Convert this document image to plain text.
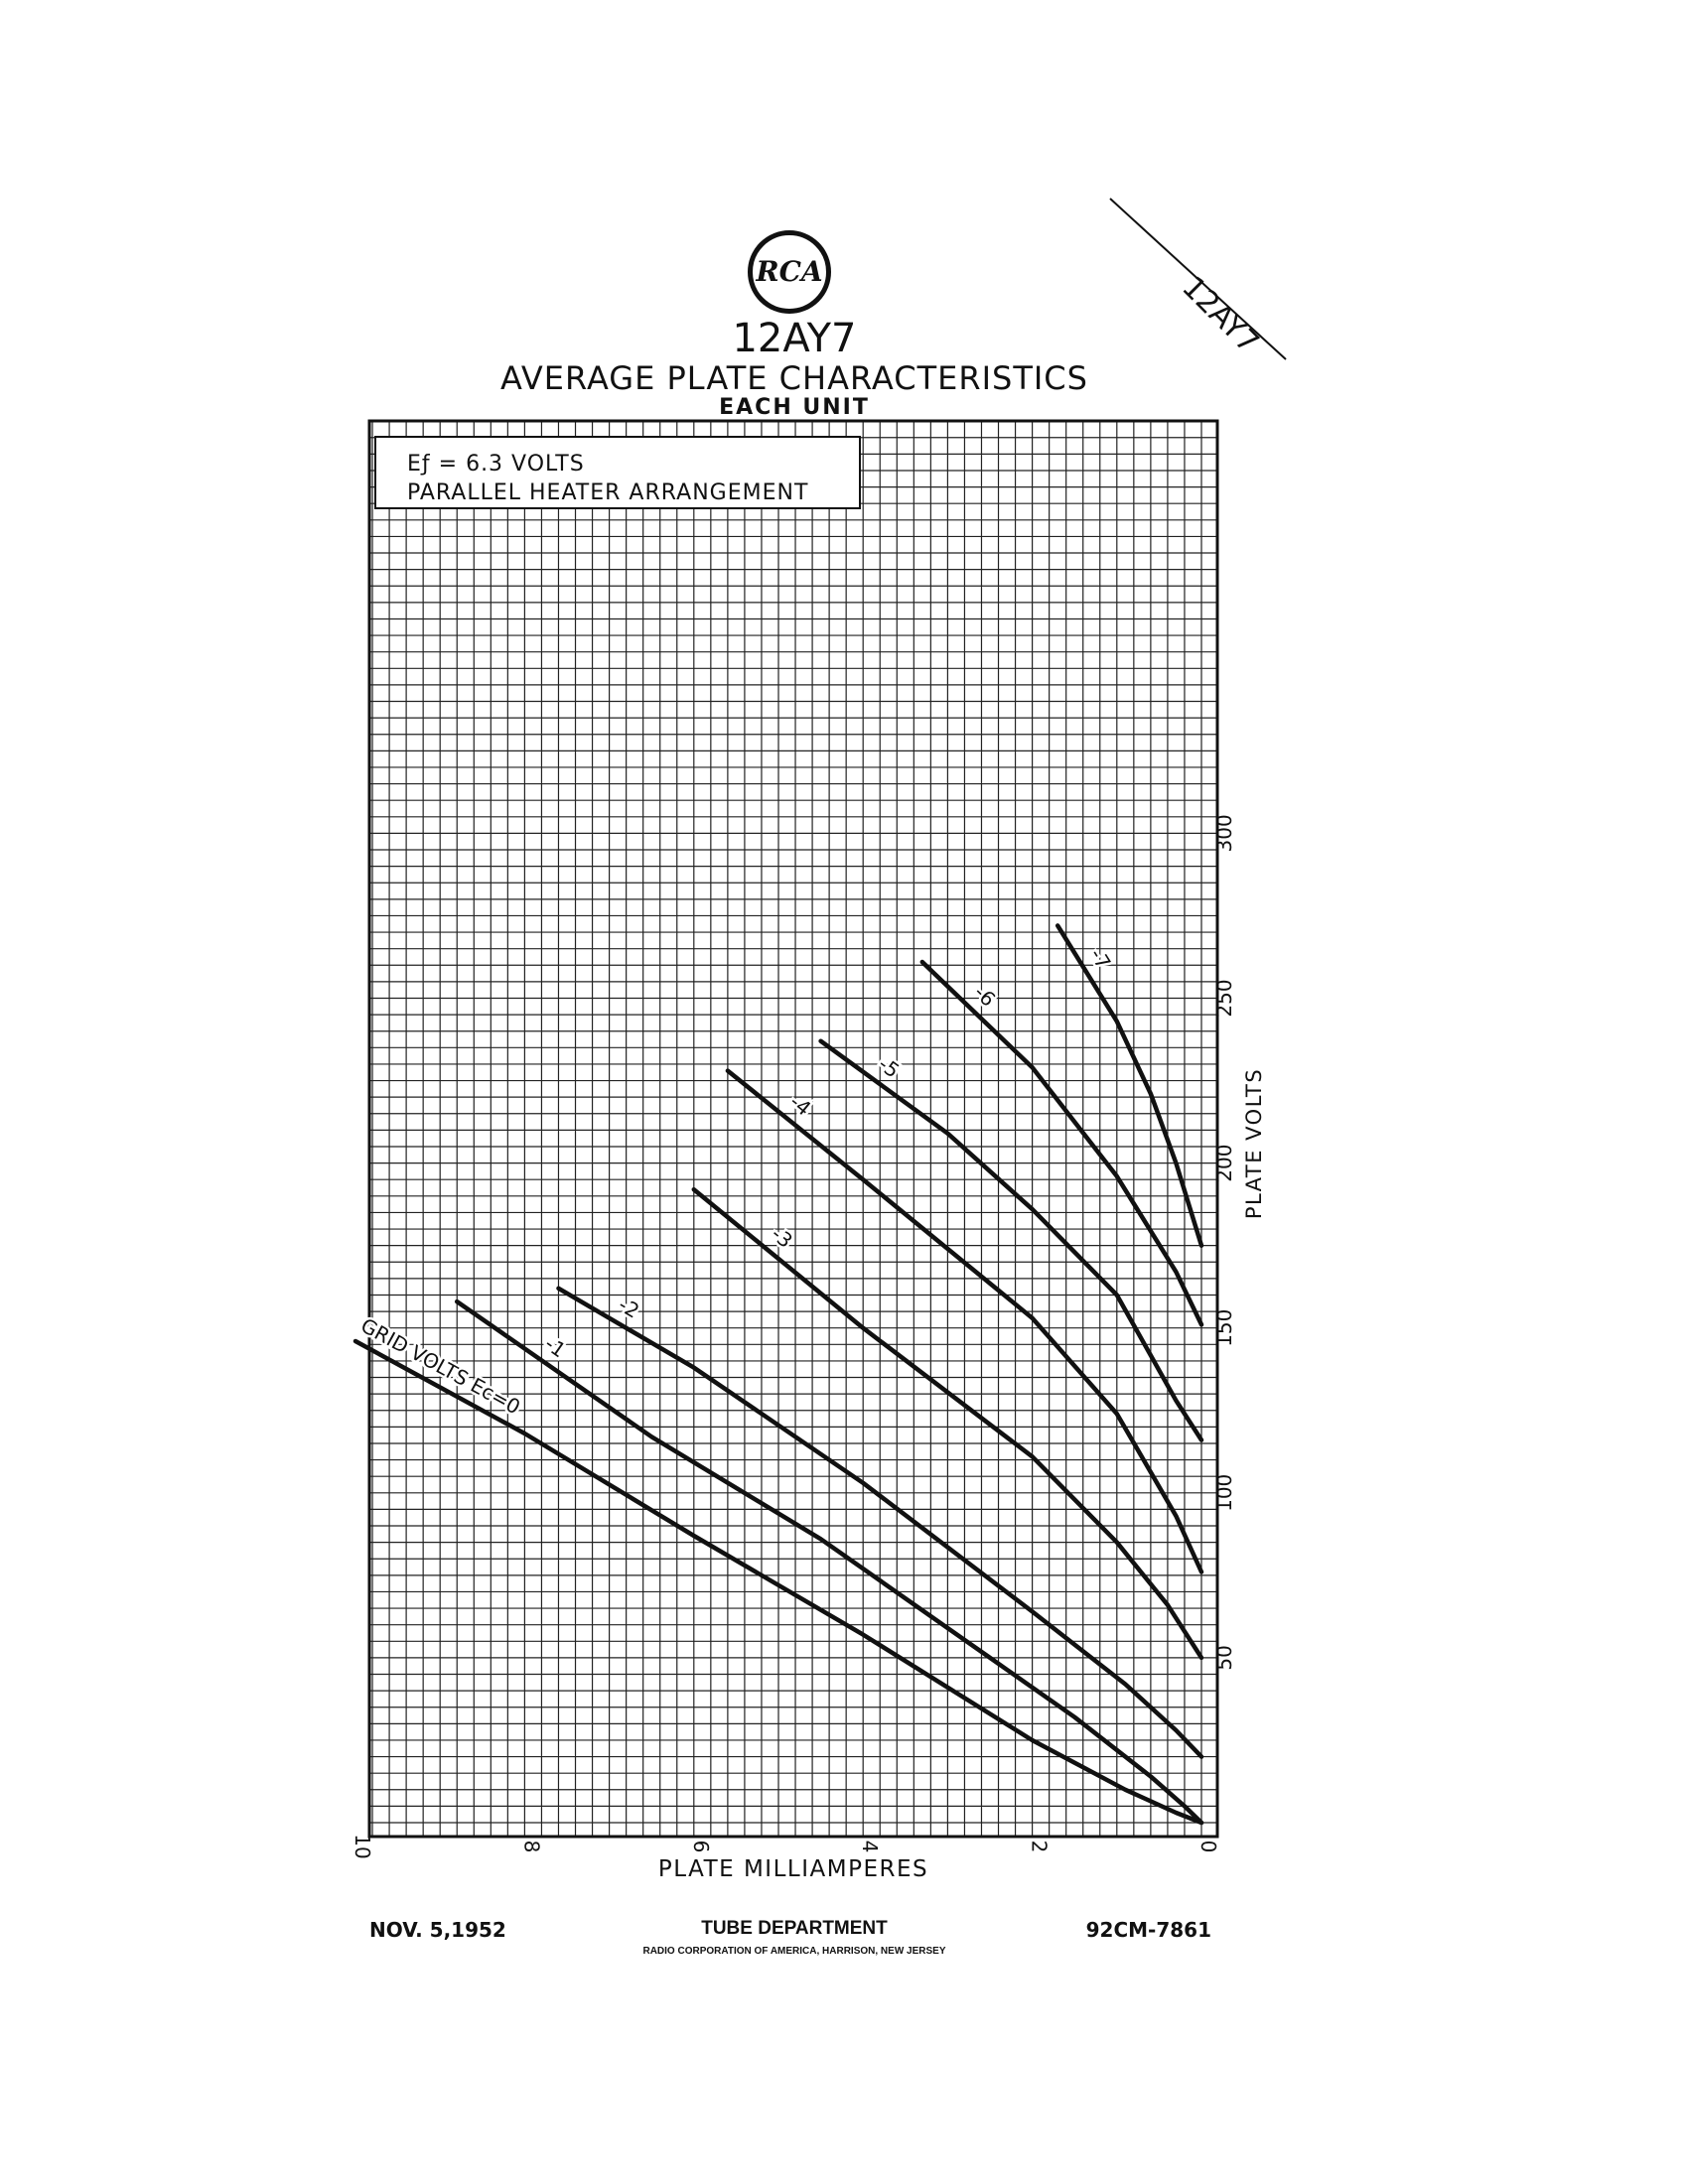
GRID VOLTS Ec=0 -1
-2
-3
-4
-5
-6
-7
10	8	6	4	2	0
50
100
150
200
250
300
PLATE MILLIAMPERES
PLATE VOLTS
Eƒ = 6.3 VOLTS
PARALLEL HEATER ARRANGEMENT
RCA
12AY7
AVERAGE PLATE CHARACTERISTICS
EACH UNIT
12AY7
NOV. 5,1952	TUBE DEPARTMENT
RADIO CORPORATION OF AMERICA, HARRISON, NEW JERSEY
92CM-7861
